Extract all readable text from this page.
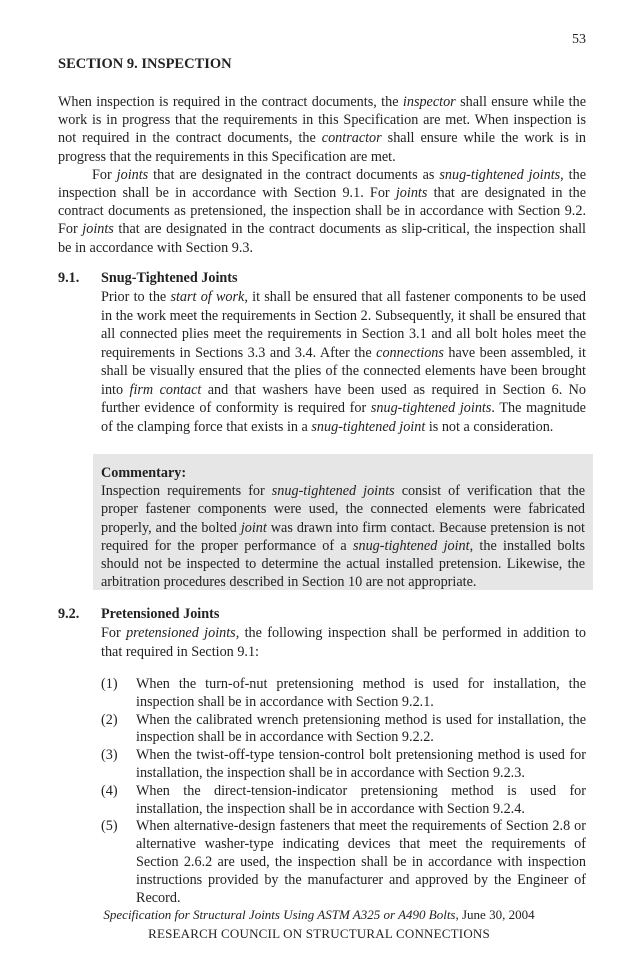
53
SECTION 9. INSPECTION

When inspection is required in the contract documents, the inspector shall ensure while the work is in progress that the requirements in this Specification are met. When inspection is not required in the contract documents, the contractor shall ensure while the work is in progress that the requirements in this Specification are met.

For joints that are designated in the contract documents as snug-tightened joints, the inspection shall be in accordance with Section 9.1. For joints that are designated in the contract documents as pretensioned, the inspection shall be in accordance with Section 9.2. For joints that are designated in the contract documents as slip-critical, the inspection shall be in accordance with Section 9.3.

9.1. Snug-Tightened Joints
Prior to the start of work, it shall be ensured that all fastener components to be used in the work meet the requirements in Section 2. Subsequently, it shall be ensured that all connected plies meet the requirements in Section 3.1 and all bolt holes meet the requirements in Sections 3.3 and 3.4. After the connections have been assembled, it shall be visually ensured that the plies of the connected elements have been brought into firm contact and that washers have been used as required in Section 6. No further evidence of conformity is required for snug-tightened joints. The magnitude of the clamping force that exists in a snug-tightened joint is not a consideration.
Commentary:
Inspection requirements for snug-tightened joints consist of verification that the proper fastener components were used, the connected elements were fabricated properly, and the bolted joint was drawn into firm contact. Because pretension is not required for the proper performance of a snug-tightened joint, the installed bolts should not be inspected to determine the actual installed pretension. Likewise, the arbitration procedures described in Section 10 are not appropriate.
9.2. Pretensioned Joints
For pretensioned joints, the following inspection shall be performed in addition to that required in Section 9.1:
(1) When the turn-of-nut pretensioning method is used for installation, the inspection shall be in accordance with Section 9.2.1.
(2) When the calibrated wrench pretensioning method is used for installation, the inspection shall be in accordance with Section 9.2.2.
(3) When the twist-off-type tension-control bolt pretensioning method is used for installation, the inspection shall be in accordance with Section 9.2.3.
(4) When the direct-tension-indicator pretensioning method is used for installation, the inspection shall be in accordance with Section 9.2.4.
(5) When alternative-design fasteners that meet the requirements of Section 2.8 or alternative washer-type indicating devices that meet the requirements of Section 2.6.2 are used, the inspection shall be in accordance with inspection instructions provided by the manufacturer and approved by the Engineer of Record.
Specification for Structural Joints Using ASTM A325 or A490 Bolts, June 30, 2004
RESEARCH COUNCIL ON STRUCTURAL CONNECTIONS
